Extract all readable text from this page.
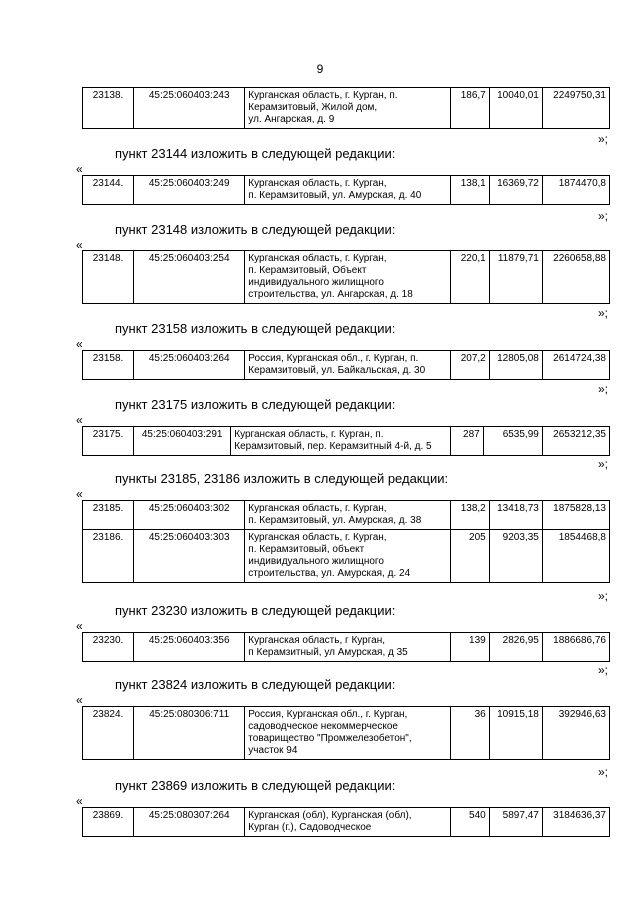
9
23138.	45:25:060403:243	Курганская область, г. Курган, п.
Керамзитовый, Жилой дом,
ул. Ангарская, д. 9
	186,7	10040,01	2249750,31
»;
пункт 23144 изложить в следующей редакции:
«
23144.	45:25:060403:249	Курганская область, г. Курган,
п. Керамзитовый, ул. Амурская, д. 40
	138,1	16369,72	1874470,8
»;
пункт 23148 изложить в следующей редакции:
«
23148.	45:25:060403:254	Курганская область, г. Курган,
п. Керамзитовый, Объект
индивидуального жилищного
строительства, ул. Ангарская, д. 18
	220,1	11879,71	2260658,88
»;
пункт 23158 изложить в следующей редакции:
«
23158.	45:25:060403:264	Россия, Курганская обл., г. Курган, п.
Керамзитовый, ул. Байкальская, д. 30
	207,2	12805,08	2614724,38
»;
пункт 23175 изложить в следующей редакции:
«
23175.	45:25:060403:291	Курганская область, г. Курган, п.
Керамзитовый, пер. Керамзитный 4-й, д. 5
	287	6535,99	2653212,35
»;
пункты 23185, 23186 изложить в следующей редакции:
«
23185.	45:25:060403:302	Курганская область, г. Курган,
п. Керамзитовый, ул. Амурская, д. 38	138,2	13418,73	1875828,13
23186.	45:25:060403:303	Курганская область, г. Курган,
п. Керамзитовый, объект
индивидуального жилищного
строительства, ул. Амурская, д. 24	205	9203,35	1854468,8
»;
пункт 23230 изложить в следующей редакции:
«
23230.	45:25:060403:356	Курганская область, г Курган,
п Керамзитный, ул Амурская, д 35
	139	2826,95	1886686,76
»;
пункт 23824 изложить в следующей редакции:
«
23824.	45:25:080306:711	Россия, Курганская обл., г. Курган,
садоводческое некоммерческое
товарищество "Промжелезобетон",
участок 94
	36	10915,18	392946,63
»;
пункт 23869 изложить в следующей редакции:
«
23869.	45:25:080307:264	Курганская (обл), Курганская (обл),
Курган (г.), Садоводческое
	540	5897,47	3184636,37
